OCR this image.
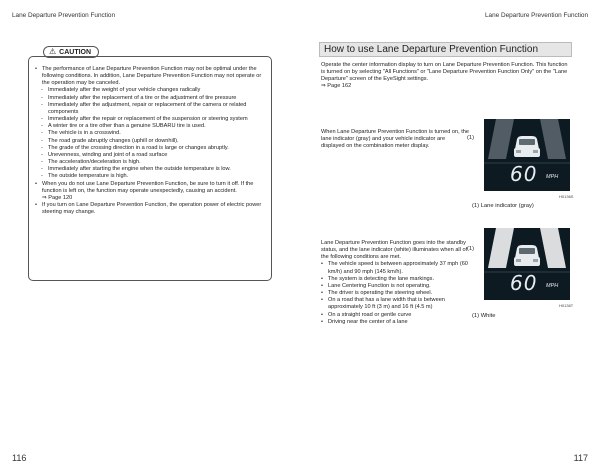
Lane Departure Prevention Function	Lane Departure Prevention Function
⚠ CAUTION
• The performance of Lane Departure Prevention Function may not be optimal under the following conditions. In addition, Lane Departure Prevention Function may not operate or the operation may be canceled.
- Immediately after the weight of your vehicle changes radically
- Immediately after the replacement of a tire or the adjustment of tire pressure
- Immediately after the adjustment, repair or replacement of the camera or related components
- Immediately after the repair or replacement of the suspension or steering system
- A winter tire or a tire other than a genuine SUBARU tire is used.
- The vehicle is in a crosswind.
- The road grade abruptly changes (uphill or downhill).
- The grade of the crossing direction in a road is large or changes abruptly.
- Unevenness, winding and joint of a road surface
- The acceleration/deceleration is high.
- Immediately after starting the engine when the outside temperature is low.
- The outside temperature is high.
• When you do not use Lane Departure Prevention Function, be sure to turn it off. If the function is left on, the function may operate unexpectedly, causing an accident.
⇒ Page 120
• If you turn on Lane Departure Prevention Function, the operation power of electric power steering may change.
How to use Lane Departure Prevention Function
Operate the center information display to turn on Lane Departure Prevention Function. This function is turned on by selecting "All Functions" or "Lane Departure Prevention Function Only" on the "Lane Departure" screen of the EyeSight settings.
⇒ Page 162
When Lane Departure Prevention Function is turned on, the lane indicator (gray) and your vehicle indicator are displayed on the combination meter display.
Lane Departure Prevention Function goes into the standby status, and the lane indicator (white) illuminates when all of the following conditions are met.
• The vehicle speed is between approximately 37 mph (60 km/h) and 90 mph (145 km/h).
• The system is detecting the lane markings.
• Lane Centering Function is not operating.
• The driver is operating the steering wheel.
• On a road that has a lane width that is between approximately 10 ft (3 m) and 16 ft (4.5 m)
• On a straight road or gentle curve
• Driving near the center of a lane
(1)
60 MPH
H0136S
(1) Lane indicator (gray)
(1)
60 MPH
H0136T
(1) White
116	117
